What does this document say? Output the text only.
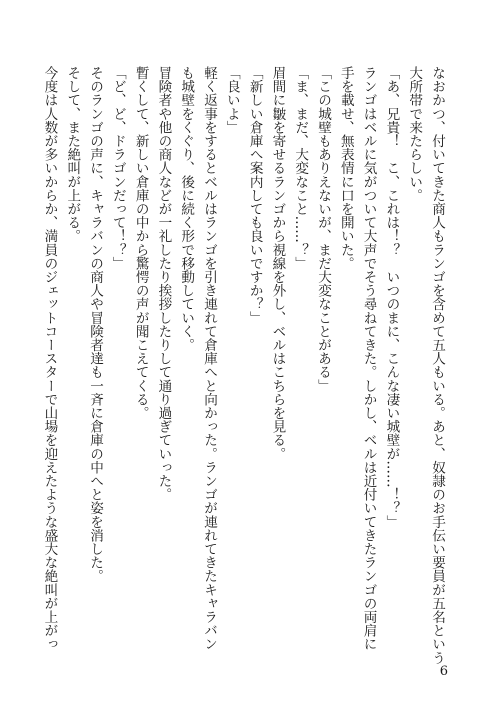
なおかつ、付いてきた商人もランゴを含めて五人もいる。あと、奴隷のお手伝い要員が五名という
大所帯で来たらしい。
「あ、兄貴！　こ、これは！？　いつのまに、こんな凄い城壁が……！？」
ランゴはベルに気がついて大声でそう尋ねてきた。しかし、ベルは近付いてきたランゴの両肩に
手を載せ、無表情に口を開いた。
「この城壁もありえないが、まだ大変なことがある」
「ま、まだ、大変なこと……？」
眉間に皺を寄せるランゴから視線を外し、ベルはこちらを見る。
「新しい倉庫へ案内しても良いですか？」
「良いよ」
軽く返事をするとベルはランゴを引き連れて倉庫へと向かった。ランゴが連れてきたキャラバン
も城壁をくぐり、後に続く形で移動していく。
冒険者や他の商人などが一礼したり挨拶したりして通り過ぎていった。
暫くして、新しい倉庫の中から驚愕の声が聞こえてくる。
「ど、ど、ドラゴンだって！？」
そのランゴの声に、キャラバンの商人や冒険者達も一斉に倉庫の中へと姿を消した。
そして、また絶叫が上がる。
今度は人数が多いからか、満員のジェットコースターで山場を迎えたような盛大な絶叫が上がっ
6
